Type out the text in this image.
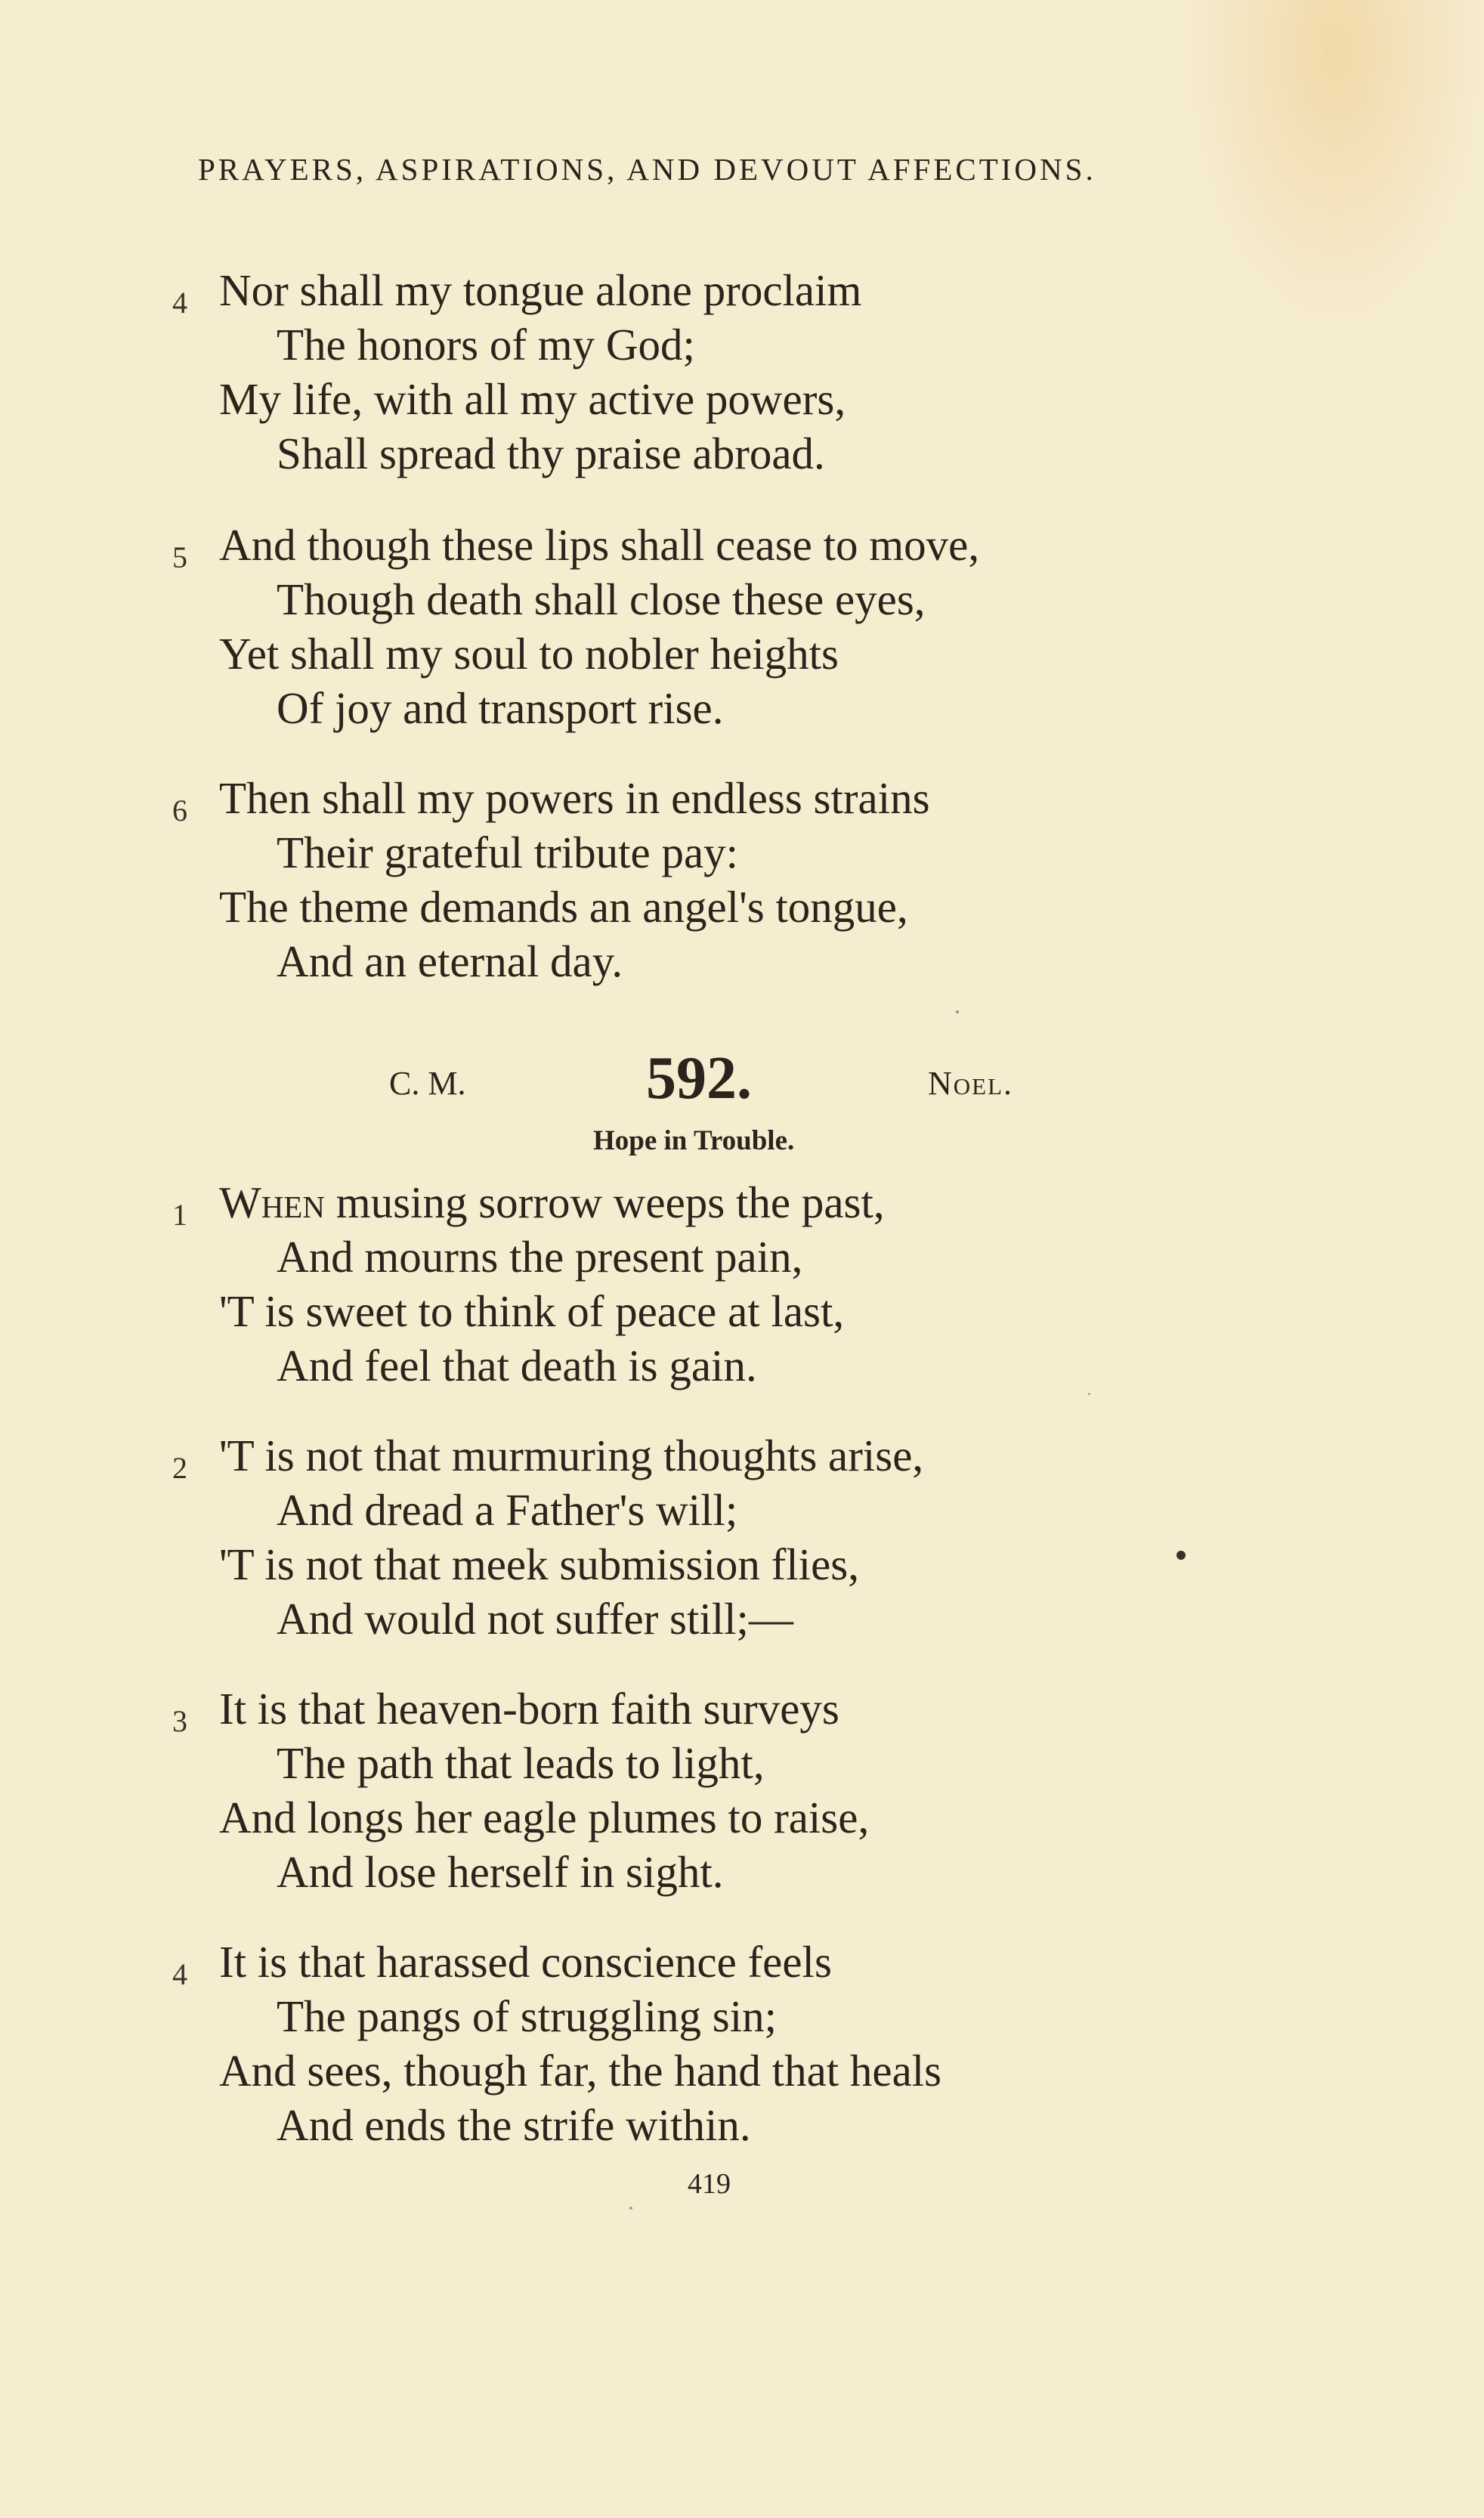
PRAYERS, ASPIRATIONS, AND DEVOUT AFFECTIONS.
4 Nor shall my tongue alone proclaim
The honors of my God;
My life, with all my active powers,
Shall spread thy praise abroad.
5 And though these lips shall cease to move,
Though death shall close these eyes,
Yet shall my soul to nobler heights
Of joy and transport rise.
6 Then shall my powers in endless strains
Their grateful tribute pay:
The theme demands an angel's tongue,
And an eternal day.
C. M.	592.	Noel.
Hope in Trouble.
1 When musing sorrow weeps the past,
And mourns the present pain,
'T is sweet to think of peace at last,
And feel that death is gain.
2 'T is not that murmuring thoughts arise,
And dread a Father's will;
'T is not that meek submission flies,
And would not suffer still;—
3 It is that heaven-born faith surveys
The path that leads to light,
And longs her eagle plumes to raise,
And lose herself in sight.
4 It is that harassed conscience feels
The pangs of struggling sin;
And sees, though far, the hand that heals
And ends the strife within.
419
